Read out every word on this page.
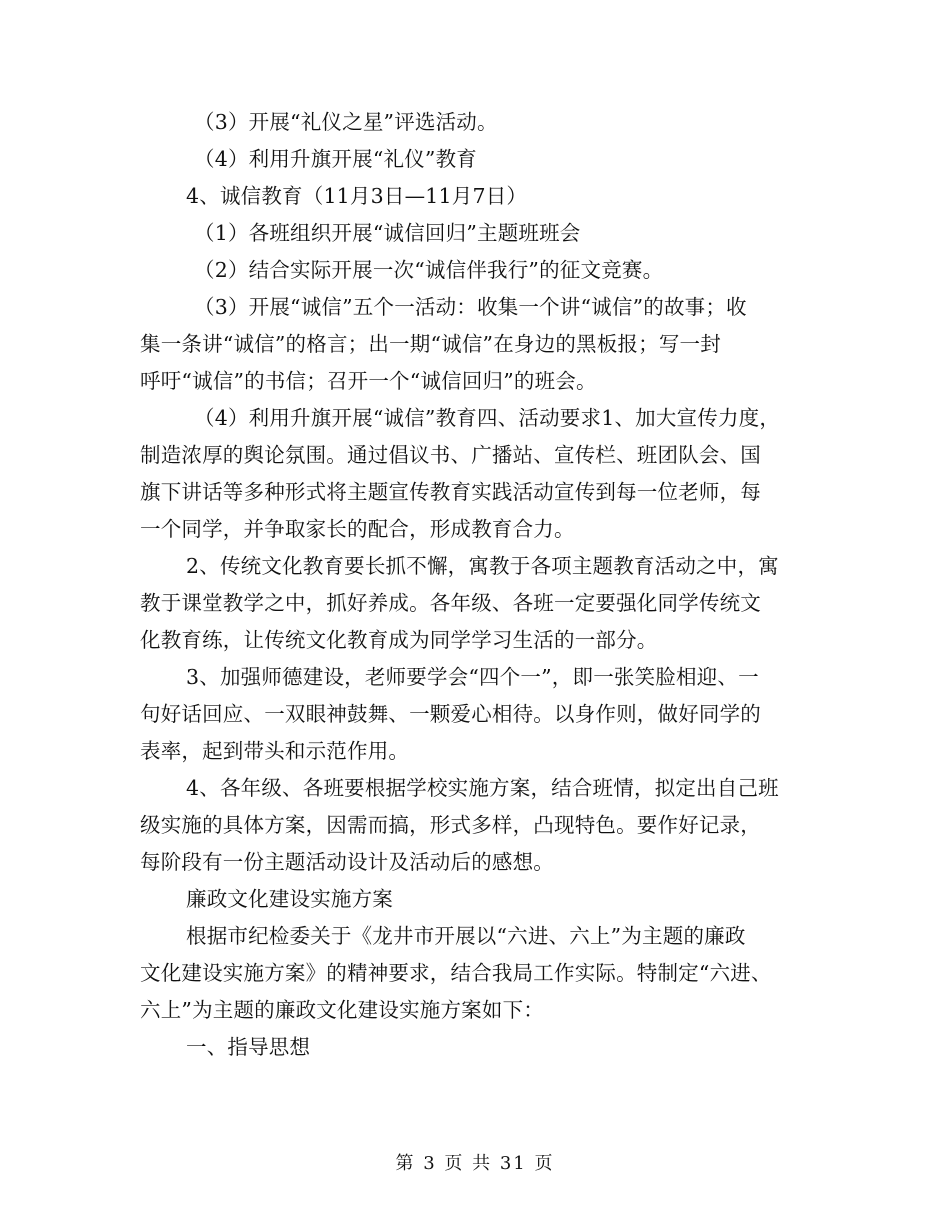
（3）开展“礼仪之星”评选活动。
（4）利用升旗开展“礼仪”教育
4、诚信教育（11月3日—11月7日）
（1）各班组织开展“诚信回归”主题班班会
（2）结合实际开展一次“诚信伴我行”的征文竞赛。
（3）开展“诚信”五个一活动：收集一个讲“诚信”的故事；收
集一条讲“诚信”的格言；出一期“诚信”在身边的黑板报；写一封
呼吁“诚信”的书信；召开一个“诚信回归”的班会。
（4）利用升旗开展“诚信”教育四、活动要求1、加大宣传力度，
制造浓厚的舆论氛围。通过倡议书、广播站、宣传栏、班团队会、国
旗下讲话等多种形式将主题宣传教育实践活动宣传到每一位老师，每
一个同学，并争取家长的配合，形成教育合力。
2、传统文化教育要长抓不懈，寓教于各项主题教育活动之中，寓
教于课堂教学之中，抓好养成。各年级、各班一定要强化同学传统文
化教育练，让传统文化教育成为同学学习生活的一部分。
3、加强师德建设，老师要学会“四个一”，即一张笑脸相迎、一
句好话回应、一双眼神鼓舞、一颗爱心相待。以身作则，做好同学的
表率，起到带头和示范作用。
4、各年级、各班要根据学校实施方案，结合班情，拟定出自己班
级实施的具体方案，因需而搞，形式多样，凸现特色。要作好记录，
每阶段有一份主题活动设计及活动后的感想。
廉政文化建设实施方案
根据市纪检委关于《龙井市开展以“六进、六上”为主题的廉政
文化建设实施方案》的精神要求，结合我局工作实际。特制定“六进、
六上”为主题的廉政文化建设实施方案如下：
一、指导思想
第 3 页 共 31 页
